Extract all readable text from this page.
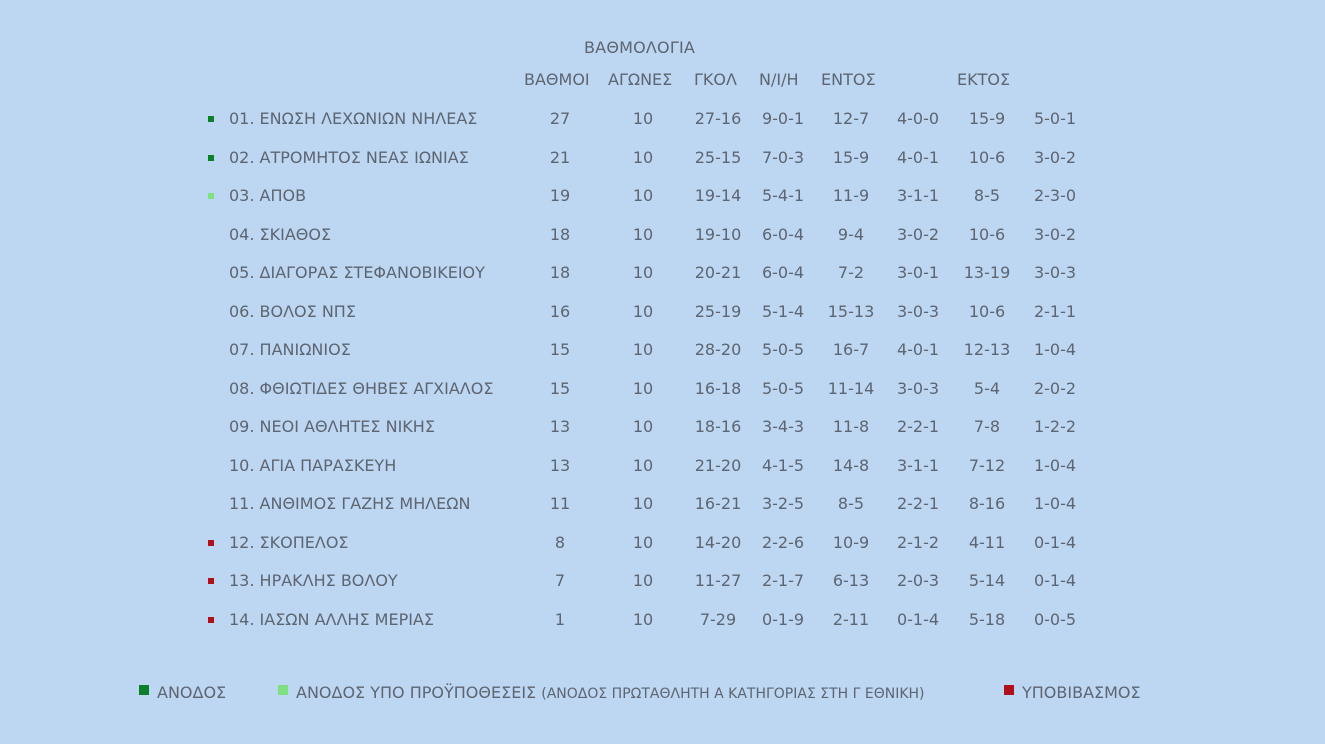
ΒΑΘΜΟΛΟΓΙΑ
ΒΑΘΜΟΙ ΑΓΩΝΕΣ ΓΚΟΛ Ν/Ι/Η ΕΝΤΟΣ	ΕΚΤΟΣ
01. ΕΝΩΣΗ ΛΕΧΩΝΙΩΝ ΝΗΛΕΑΣ	27	10	27-16	9-0-1	12-7	4-0-0	15-9	5-0-1
02. ΑΤΡΟΜΗΤΟΣ ΝΕΑΣ ΙΩΝΙΑΣ	21	10	25-15	7-0-3	15-9	4-0-1	10-6	3-0-2
03. ΑΠΟΒ	19	10	19-14	5-4-1	11-9	3-1-1	8-5	2-3-0
04. ΣΚΙΑΘΟΣ	18	10	19-10	6-0-4	9-4	3-0-2	10-6	3-0-2
05. ΔΙΑΓΟΡΑΣ ΣΤΕΦΑΝΟΒΙΚΕΙΟΥ	18	10	20-21	6-0-4	7-2	3-0-1	13-19	3-0-3
06. ΒΟΛΟΣ ΝΠΣ	16	10	25-19	5-1-4	15-13	3-0-3	10-6	2-1-1
07. ΠΑΝΙΩΝΙΟΣ	15	10	28-20	5-0-5	16-7	4-0-1	12-13	1-0-4
08. ΦΘΙΩΤΙΔΕΣ ΘΗΒΕΣ ΑΓΧΙΑΛΟΣ	15	10	16-18	5-0-5	11-14	3-0-3	5-4	2-0-2
09. ΝΕΟΙ ΑΘΛΗΤΕΣ ΝΙΚΗΣ	13	10	18-16	3-4-3	11-8	2-2-1	7-8	1-2-2
10. ΑΓΙΑ ΠΑΡΑΣΚΕΥΗ	13	10	21-20	4-1-5	14-8	3-1-1	7-12	1-0-4
11. ΑΝΘΙΜΟΣ ΓΑΖΗΣ ΜΗΛΕΩΝ	11	10	16-21	3-2-5	8-5	2-2-1	8-16	1-0-4
12. ΣΚΟΠΕΛΟΣ	8	10	14-20	2-2-6	10-9	2-1-2	4-11	0-1-4
13. ΗΡΑΚΛΗΣ ΒΟΛΟΥ	7	10	11-27	2-1-7	6-13	2-0-3	5-14	0-1-4
14. ΙΑΣΩΝ ΑΛΛΗΣ ΜΕΡΙΑΣ	1	10	7-29	0-1-9	2-11	0-1-4	5-18	0-0-5
ΑΝΟΔΟΣ	ΑΝΟΔΟΣ ΥΠΟ ΠΡΟΫΠΟΘΕΣΕΙΣ (ΑΝΟΔΟΣ ΠΡΩΤΑΘΛΗΤΗ Α ΚΑΤΗΓΟΡΙΑΣ ΣΤΗ Γ ΕΘΝΙΚΗ)	ΥΠΟΒΙΒΑΣΜΟΣ
